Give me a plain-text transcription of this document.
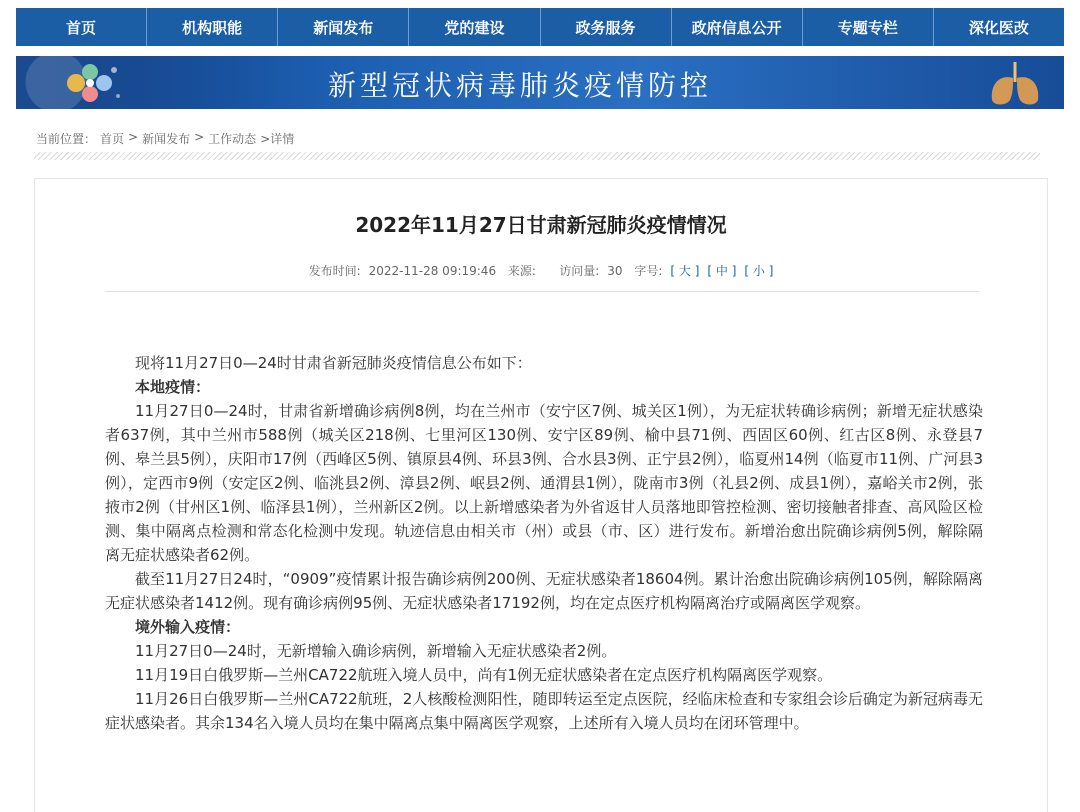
首页	机构职能	新闻发布	党的建设	政务服务	政府信息公开	专题专栏	深化医改
新型冠状病毒肺炎疫情防控
当前位置： 首页 > 新闻发布 > 工作动态 >详情
2022年11月27日甘肃新冠肺炎疫情情况
发布时间: 2022-11-28 09:19:46 来源: 访问量: 30 字号: [ 大 ] [ 中 ] [ 小 ]

现将11月27日0—24时甘肃省新冠肺炎疫情信息公布如下：

本地疫情：

11月27日0—24时，甘肃省新增确诊病例8例，均在兰州市（安宁区7例、城关区1例），为无症状转确诊病例；新增无症状感染者637例，其中兰州市588例（城关区218例、七里河区130例、安宁区89例、榆中县71例、西固区60例、红古区8例、永登县7例、皋兰县5例），庆阳市17例（西峰区5例、镇原县4例、环县3例、合水县3例、正宁县2例），临夏州14例（临夏市11例、广河县3例），定西市9例（安定区2例、临洮县2例、漳县2例、岷县2例、通渭县1例），陇南市3例（礼县2例、成县1例），嘉峪关市2例，张掖市2例（甘州区1例、临泽县1例），兰州新区2例。以上新增感染者为外省返甘人员落地即管控检测、密切接触者排查、高风险区检测、集中隔离点检测和常态化检测中发现。轨迹信息由相关市（州）或县（市、区）进行发布。新增治愈出院确诊病例5例，解除隔离无症状感染者62例。

截至11月27日24时，“0909”疫情累计报告确诊病例200例、无症状感染者18604例。累计治愈出院确诊病例105例，解除隔离无症状感染者1412例。现有确诊病例95例、无症状感染者17192例，均在定点医疗机构隔离治疗或隔离医学观察。

境外输入疫情：

11月27日0—24时，无新增输入确诊病例，新增输入无症状感染者2例。

11月19日白俄罗斯—兰州CA722航班入境人员中，尚有1例无症状感染者在定点医疗机构隔离医学观察。

11月26日白俄罗斯—兰州CA722航班，2人核酸检测阳性，随即转运至定点医院，经临床检查和专家组会诊后确定为新冠病毒无症状感染者。其余134名入境人员均在集中隔离点集中隔离医学观察，上述所有入境人员均在闭环管理中。
